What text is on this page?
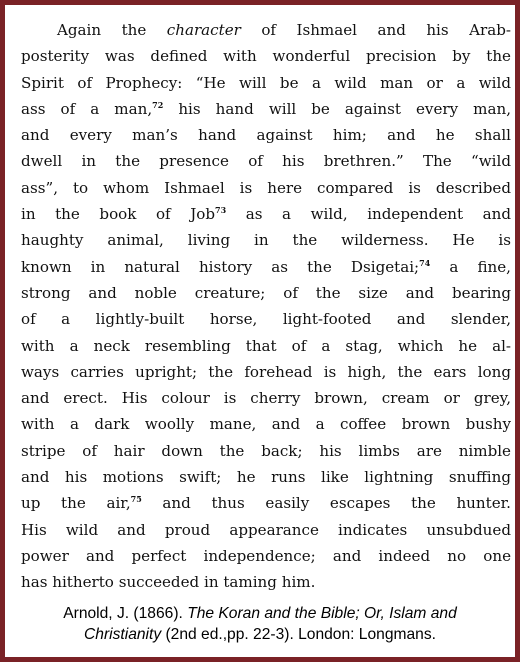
Again the character of Ishmael and his Arab-
posterity was defined with wonderful precision by the
Spirit of Prophecy: “He will be a wild man or a wild
ass of a man,$^{72}$ his hand will be against every man,
and every man’s hand against him; and he shall
dwell in the presence of his brethren.” The “wild
ass”, to whom Ishmael is here compared is described
in the book of Job$^{73}$ as a wild, independent and
haughty animal, living in the wilderness. He is
known in natural history as the Dsigetai;$^{74}$ a fine,
strong and noble creature; of the size and bearing
of a lightly-built horse, light-footed and slender,
with a neck resembling that of a stag, which he al-
ways carries upright; the forehead is high, the ears long
and erect. His colour is cherry brown, cream or grey,
with a dark woolly mane, and a coffee brown bushy
stripe of hair down the back; his limbs are nimble
and his motions swift; he runs like lightning snuffing
up the air,$^{75}$ and thus easily escapes the hunter.
His wild and proud appearance indicates unsubdued
power and perfect independence; and indeed no one
has hitherto succeeded in taming him.
Arnold, J. (1866). The Koran and the Bible; Or, Islam and
Christianity (2nd ed.,pp. 22-3). London: Longmans.
